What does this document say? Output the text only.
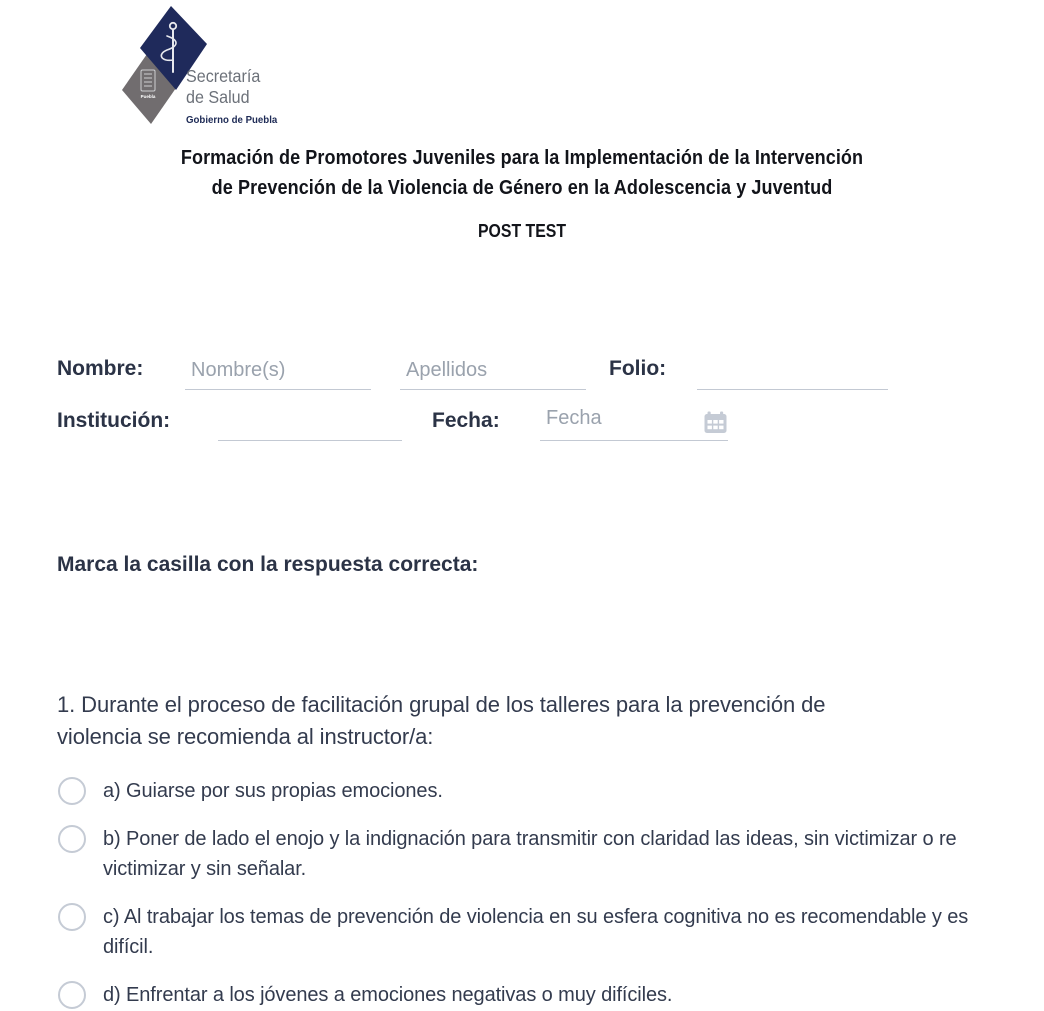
Puebla
Secretaría
de Salud
Gobierno de Puebla
Formación de Promotores Juveniles para la Implementación de la Intervención de Prevención de la Violencia de Género en la Adolescencia y Juventud
POST TEST
Nombre:
Nombre(s)
Apellidos	Folio:
Institución:	Fecha:
Fecha
Marca la casilla con la respuesta correcta:
1. Durante el proceso de facilitación grupal de los talleres para la prevención de violencia se recomienda al instructor/a:
a) Guiarse por sus propias emociones.
b) Poner de lado el enojo y la indignación para transmitir con claridad las ideas, sin victimizar o re victimizar y sin señalar.
c) Al trabajar los temas de prevención de violencia en su esfera cognitiva no es recomendable y es difícil.
d) Enfrentar a los jóvenes a emociones negativas o muy difíciles.
